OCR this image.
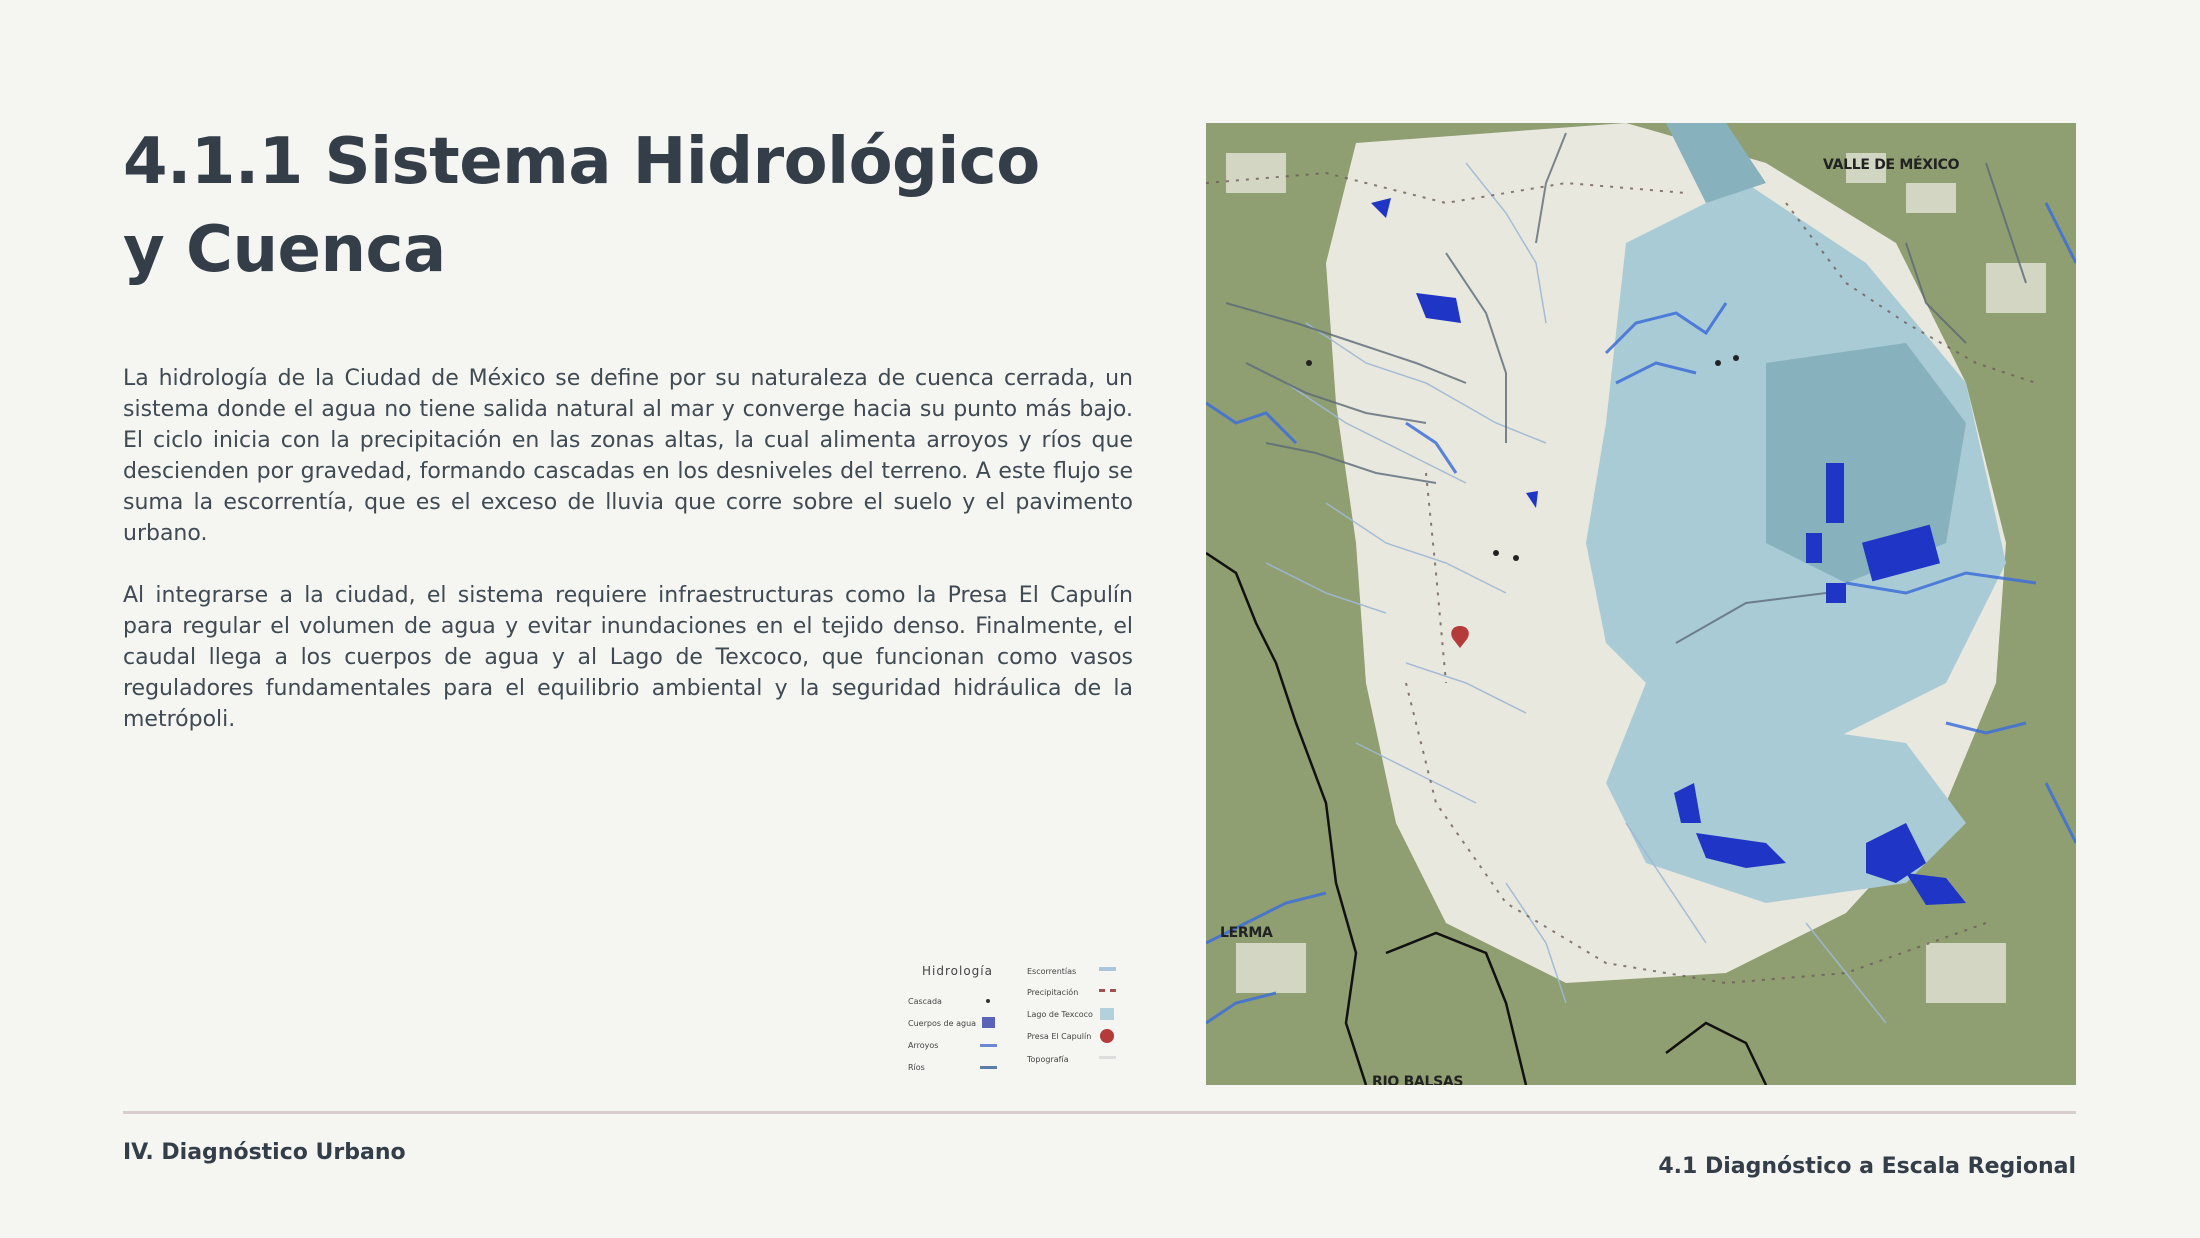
4.1.1 Sistema Hidrológico
y Cuenca

La hidrología de la Ciudad de México se define por su naturaleza de cuenca cerrada, un sistema donde el agua no tiene salida natural al mar y converge hacia su punto más bajo. El ciclo inicia con la precipitación en las zonas altas, la cual alimenta arroyos y ríos que descienden por gravedad, formando cascadas en los desniveles del terreno. A este flujo se suma la escorrentía, que es el exceso de lluvia que corre sobre el suelo y el pavimento urbano.

Al integrarse a la ciudad, el sistema requiere infraestructuras como la Presa El Capulín para regular el volumen de agua y evitar inundaciones en el tejido denso. Finalmente, el caudal llega a los cuerpos de agua y al Lago de Texcoco, que funcionan como vasos reguladores fundamentales para el equilibrio ambiental y la seguridad hidráulica de la metrópoli.

VALLE DE MÉXICO
LERMA
RIO BALSAS
Hidrología
Cascada
Cuerpos de agua
Arroyos
Ríos
Escorrentías
Precipitación
Lago de Texcoco
Presa El Capulín
Topografía
IV. Diagnóstico Urbano
4.1 Diagnóstico a Escala Regional
